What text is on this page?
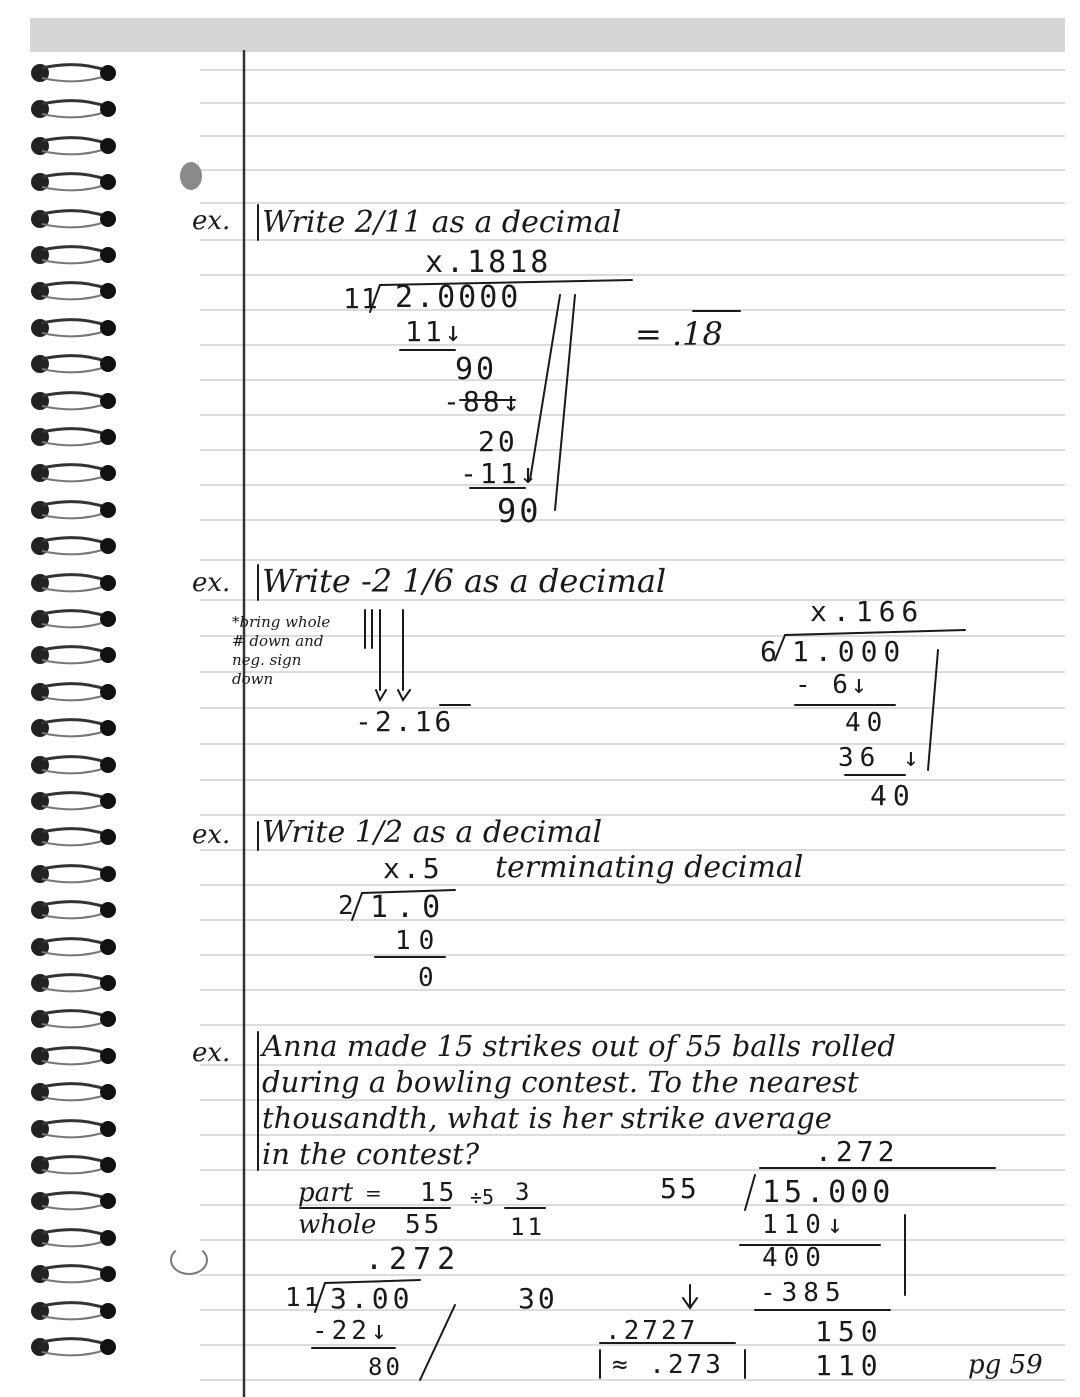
ex. Write 2/11 as a decimal
x.1818
11 2.0000
11↓
90
-88↓
20
-11↓
90
= .18
ex. Write -2 1/6 as a decimal
*bring whole
# down and
neg. sign
down
-2.16
x.166
6 1.000
- 6↓
40
36 ↓
40
ex. Write 1/2 as a decimal
x.5 terminating decimal
2 1.0
10
0
ex. Anna made 15 strikes out of 55 balls rolled
during a bowling contest. To the nearest
thousandth, what is her strike average
in the contest?
part = 15
whole 55
÷5 3
11
.272
11 3.00
-22↓
80
30
.2727
≈ .273
.272
55 15.000
110↓
400
-385
150
110	pg 59
